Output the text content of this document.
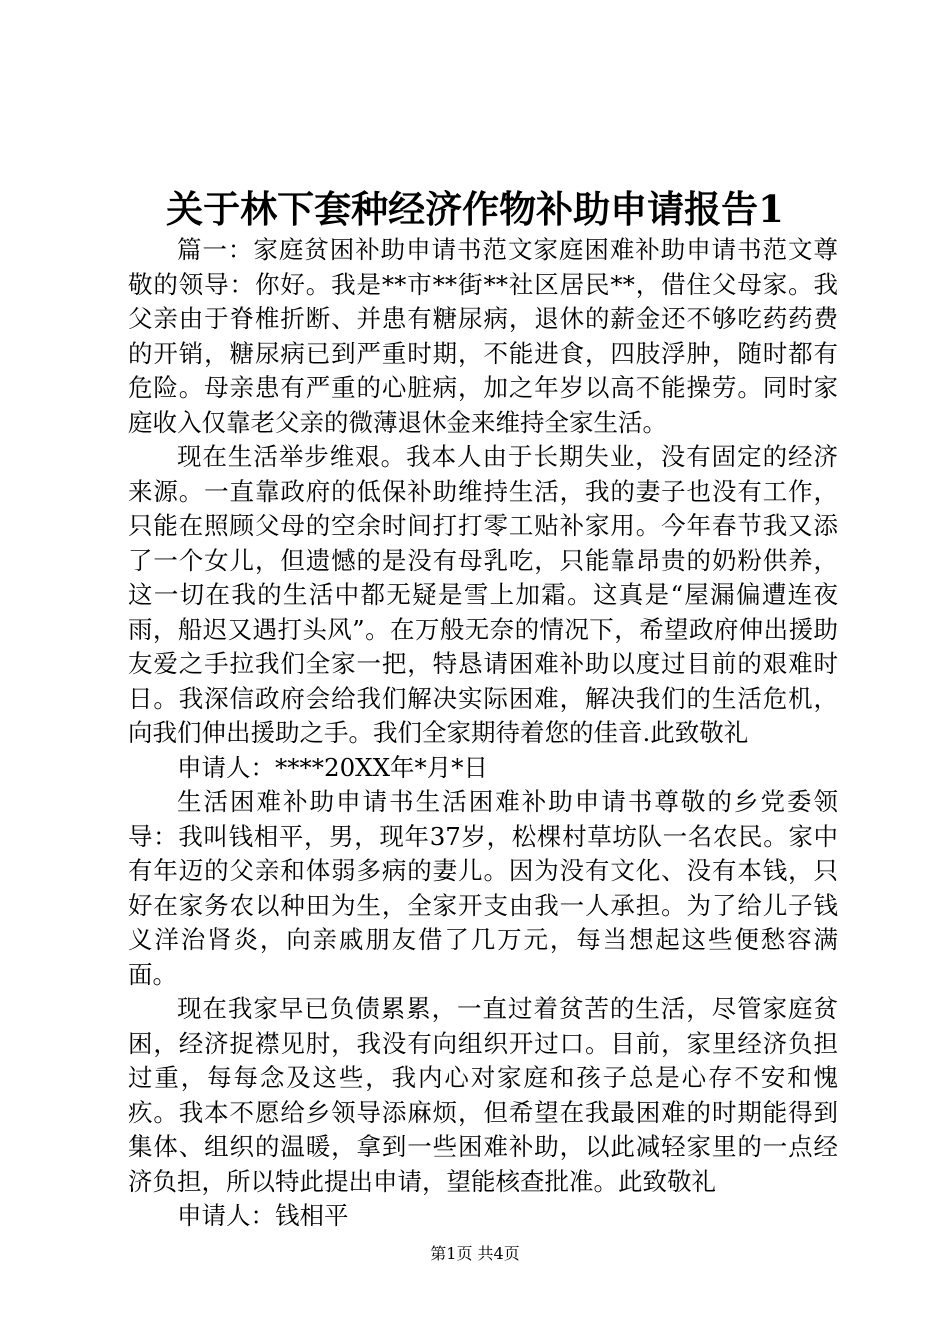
关于林下套种经济作物补助申请报告1

篇一：家庭贫困补助申请书范文家庭困难补助申请书范文尊敬的领导：你好。我是**市**街**社区居民**，借住父母家。我父亲由于脊椎折断、并患有糖尿病，退休的薪金还不够吃药药费的开销，糖尿病已到严重时期，不能进食，四肢浮肿，随时都有危险。母亲患有严重的心脏病，加之年岁以高不能操劳。同时家庭收入仅靠老父亲的微薄退休金来维持全家生活。

现在生活举步维艰。我本人由于长期失业，没有固定的经济来源。一直靠政府的低保补助维持生活，我的妻子也没有工作，只能在照顾父母的空余时间打打零工贴补家用。今年春节我又添了一个女儿，但遗憾的是没有母乳吃，只能靠昂贵的奶粉供养，这一切在我的生活中都无疑是雪上加霜。这真是“屋漏偏遭连夜雨，船迟又遇打头风”。在万般无奈的情况下，希望政府伸出援助友爱之手拉我们全家一把，特恳请困难补助以度过目前的艰难时日。我深信政府会给我们解决实际困难，解决我们的生活危机，向我们伸出援助之手。我们全家期待着您的佳音.此致敬礼

申请人：****20XX年*月*日

生活困难补助申请书生活困难补助申请书尊敬的乡党委领导：我叫钱相平，男，现年37岁，松棵村草坊队一名农民。家中有年迈的父亲和体弱多病的妻儿。因为没有文化、没有本钱，只好在家务农以种田为生，全家开支由我一人承担。为了给儿子钱义洋治肾炎，向亲戚朋友借了几万元，每当想起这些便愁容满面。

现在我家早已负债累累，一直过着贫苦的生活，尽管家庭贫困，经济捉襟见肘，我没有向组织开过口。目前，家里经济负担过重，每每念及这些，我内心对家庭和孩子总是心存不安和愧疚。我本不愿给乡领导添麻烦，但希望在我最困难的时期能得到集体、组织的温暖，拿到一些困难补助，以此减轻家里的一点经济负担，所以特此提出申请，望能核查批准。此致敬礼

申请人：钱相平

第1页 共4页
